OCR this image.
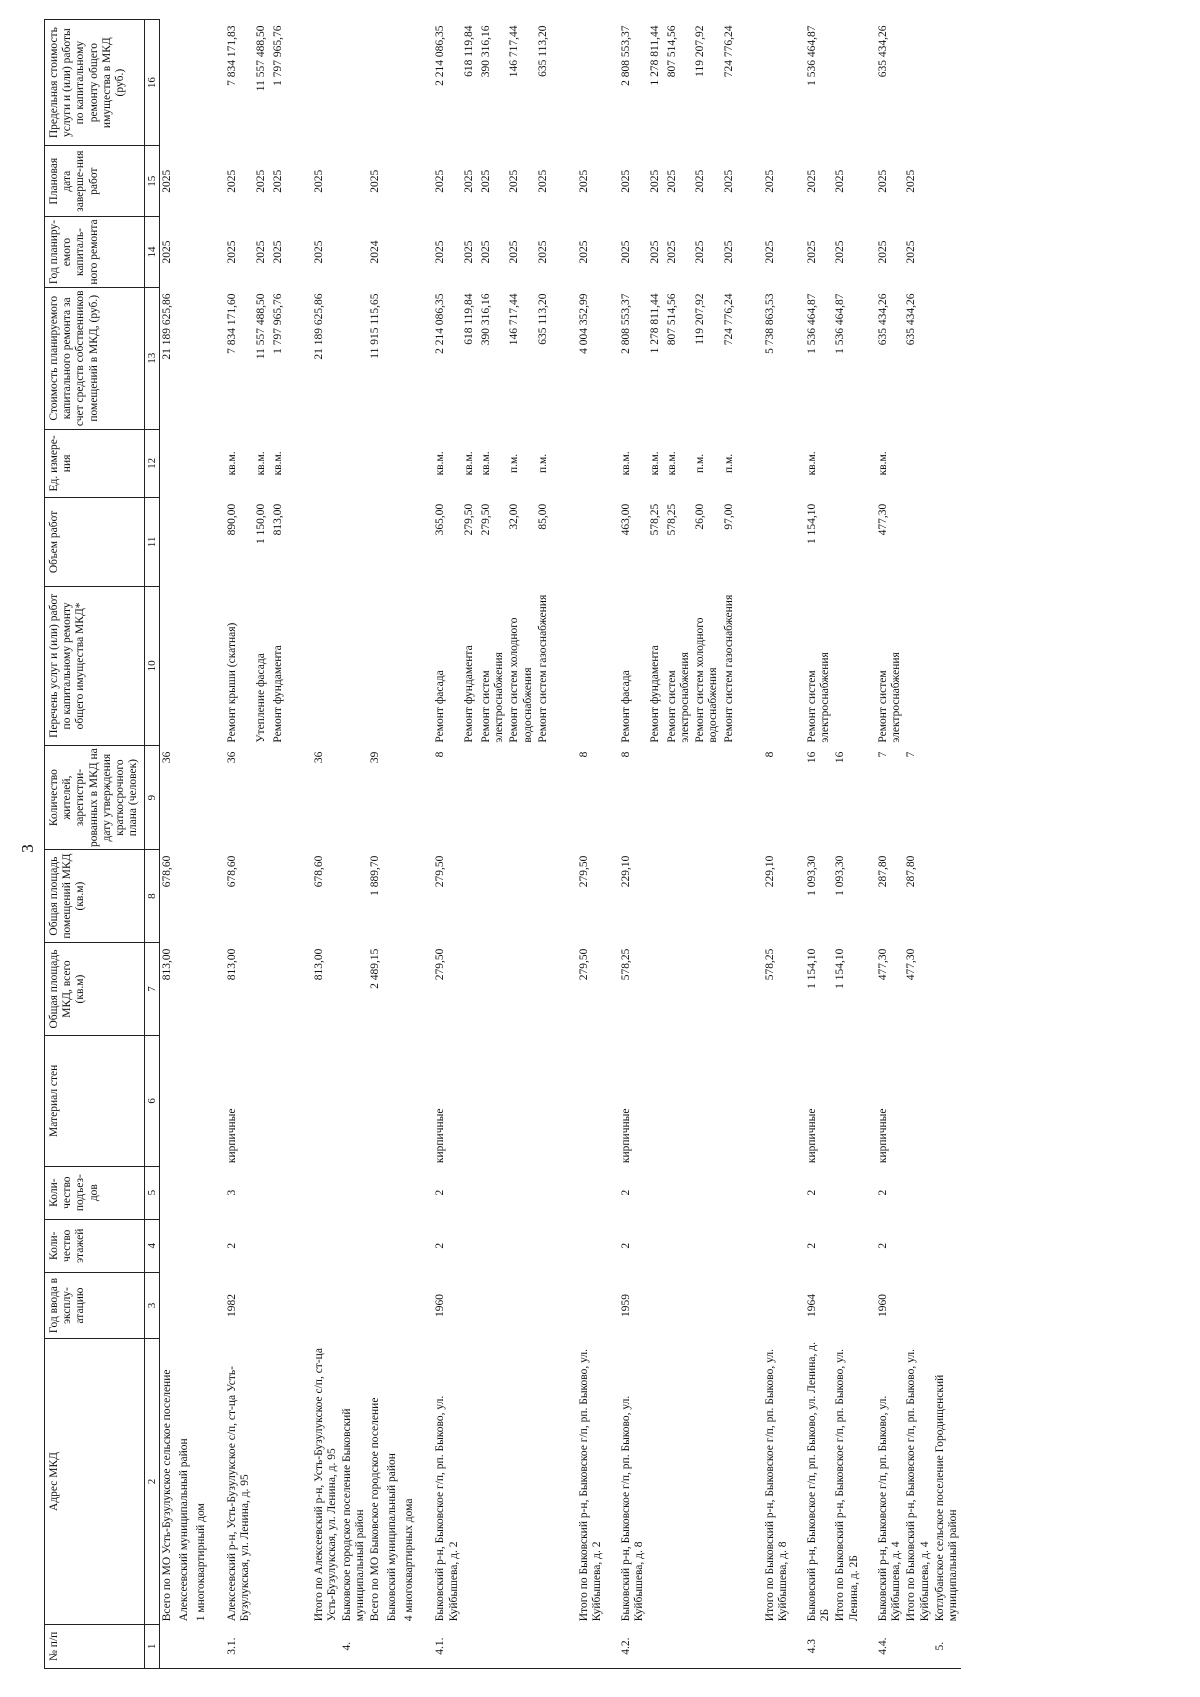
3
№ п/п	Адрес МКД	Год ввода в эксплу-атацию	Коли-чество этажей	Коли-чество подъез-дов	Материал стен	Общая площадь МКД, всего (кв.м)	Общая площадь помещений МКД (кв.м)	Количество жителей, зарегистри-рованных в МКД на дату утверждения краткосрочного плана (человек)	Перечень услуг и (или) работ по капитальному ремонту общего имущества МКД*	Объем работ	Ед. измере-ния	Стоимость планируемого капитального ремонта за счет средств собственников помещений в МКД, (руб.)	Год планиру-емого капиталь-ного ремонта	Плановая дата заверше-ния работ	Предельная стоимость услуги и (или) работы по капитальному ремонту общего имущества в МКД (руб.)
1	2	3	4	5	6	7	8	9	10	11	12	13	14	15	16
	Всего по МО Усть-Бузулукское сельское поселение					813,00	678,60	36				21 189 625,86	2025	2025	
	Алексеевский муниципальный район														
	1 многоквартирный дом														

3.1.	Алексеевский р-н, Усть-Бузулукское с/п, ст-ца Усть-Бузулукская, ул. Ленина, д. 95	1982	2	3	кирпичные	813,00	678,60	36	Ремонт крыши (скатная)	890,00	кв.м.	7 834 171,60	2025	2025	7 834 171,83
									Утепление фасада	1 150,00	кв.м.	11 557 488,50	2025	2025	11 557 488,50
									Ремонт фундамента	813,00	кв.м.	1 797 965,76	2025	2025	1 797 965,76

	Итого по Алексеевский р-н, Усть-Бузулукское с/п, ст-ца Усть-Бузулукская, ул. Ленина, д. 95					813,00	678,60	36				21 189 625,86	2025	2025	
4.	Быковское городское поселение Быковский муниципальный район														
	Всего по МО Быковское городское поселение					2 489,15	1 889,70	39				11 915 115,65	2024	2025	
	Быковский муниципальный район														
	4 многоквартирных дома														

4.1.	Быковский р-н, Быковское г/п, рп. Быково, ул. Куйбышева, д. 2	1960	2	2	кирпичные	279,50	279,50	8	Ремонт фасада	365,00	кв.м.	2 214 086,35	2025	2025	2 214 086,35
									Ремонт фундамента	279,50	кв.м.	618 119,84	2025	2025	618 119,84
									Ремонт систем электроснабжения	279,50	кв.м.	390 316,16	2025	2025	390 316,16
									Ремонт систем холодного водоснабжения	32,00	п.м.	146 717,44	2025	2025	146 717,44
									Ремонт систем газоснабжения	85,00	п.м.	635 113,20	2025	2025	635 113,20

	Итого по Быковский р-н, Быковское г/п, рп. Быково, ул. Куйбышева, д. 2					279,50	279,50	8				4 004 352,99	2025	2025	

4.2.	Быковский р-н, Быковское г/п, рп. Быково, ул. Куйбышева, д. 8	1959	2	2	кирпичные	578,25	229,10	8	Ремонт фасада	463,00	кв.м.	2 808 553,37	2025	2025	2 808 553,37
									Ремонт фундамента	578,25	кв.м.	1 278 811,44	2025	2025	1 278 811,44
									Ремонт систем электроснабжения	578,25	кв.м.	807 514,56	2025	2025	807 514,56
									Ремонт систем холодного водоснабжения	26,00	п.м.	119 207,92	2025	2025	119 207,92
									Ремонт систем газоснабжения	97,00	п.м.	724 776,24	2025	2025	724 776,24

	Итого по Быковский р-н, Быковское г/п, рп. Быково, ул. Куйбышева, д. 8					578,25	229,10	8				5 738 863,53	2025	2025	

4.3	Быковский р-н, Быковское г/п, рп. Быково, ул. Ленина, д. 2Б	1964	2	2	кирпичные	1 154,10	1 093,30	16	Ремонт систем электроснабжения	1 154,10	кв.м.	1 536 464,87	2025	2025	1 536 464,87
	Итого по Быковский р-н, Быковское г/п, рп. Быково, ул. Ленина, д. 2Б					1 154,10	1 093,30	16				1 536 464,87	2025	2025	

4.4.	Быковский р-н, Быковское г/п, рп. Быково, ул. Куйбышева, д. 4	1960	2	2	кирпичные	477,30	287,80	7	Ремонт систем электроснабжения	477,30	кв.м.	635 434,26	2025	2025	635 434,26
	Итого по Быковский р-н, Быковское г/п, рп. Быково, ул. Куйбышева, д. 4					477,30	287,80	7				635 434,26	2025	2025	
5.	Котлубанское сельское поселение Городищенский муниципальный район														
